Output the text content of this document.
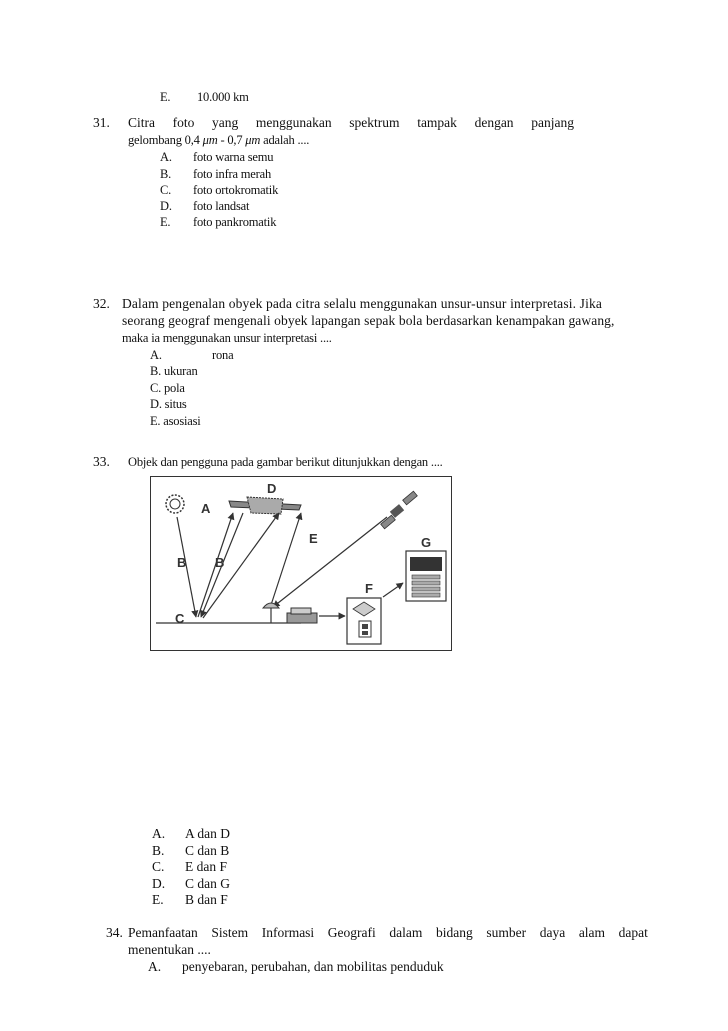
E. 10.000 km
31. Citra foto yang menggunakan spektrum tampak dengan panjang
gelombang 0,4 μm - 0,7 μm adalah ....
A. foto warna semu
B. foto infra merah
C. foto ortokromatik
D. foto landsat
E. foto pankromatik
32. Dalam pengenalan obyek pada citra selalu menggunakan unsur-unsur interpretasi. Jika
seorang geograf mengenali obyek lapangan sepak bola berdasarkan kenampakan gawang,
maka ia menggunakan unsur interpretasi ....
A.	rona
B. ukuran
C. pola
D. situs
E. asosiasi
33. Objek dan pengguna pada gambar berikut ditunjukkan dengan ....
A
B B
C
D
E
F
G
A. A dan D
B. C dan B
C. E dan F
D. C dan G
E. B dan F
34. Pemanfaatan Sistem Informasi Geografi dalam bidang sumber daya alam dapat
menentukan ....
A. penyebaran, perubahan, dan mobilitas penduduk
